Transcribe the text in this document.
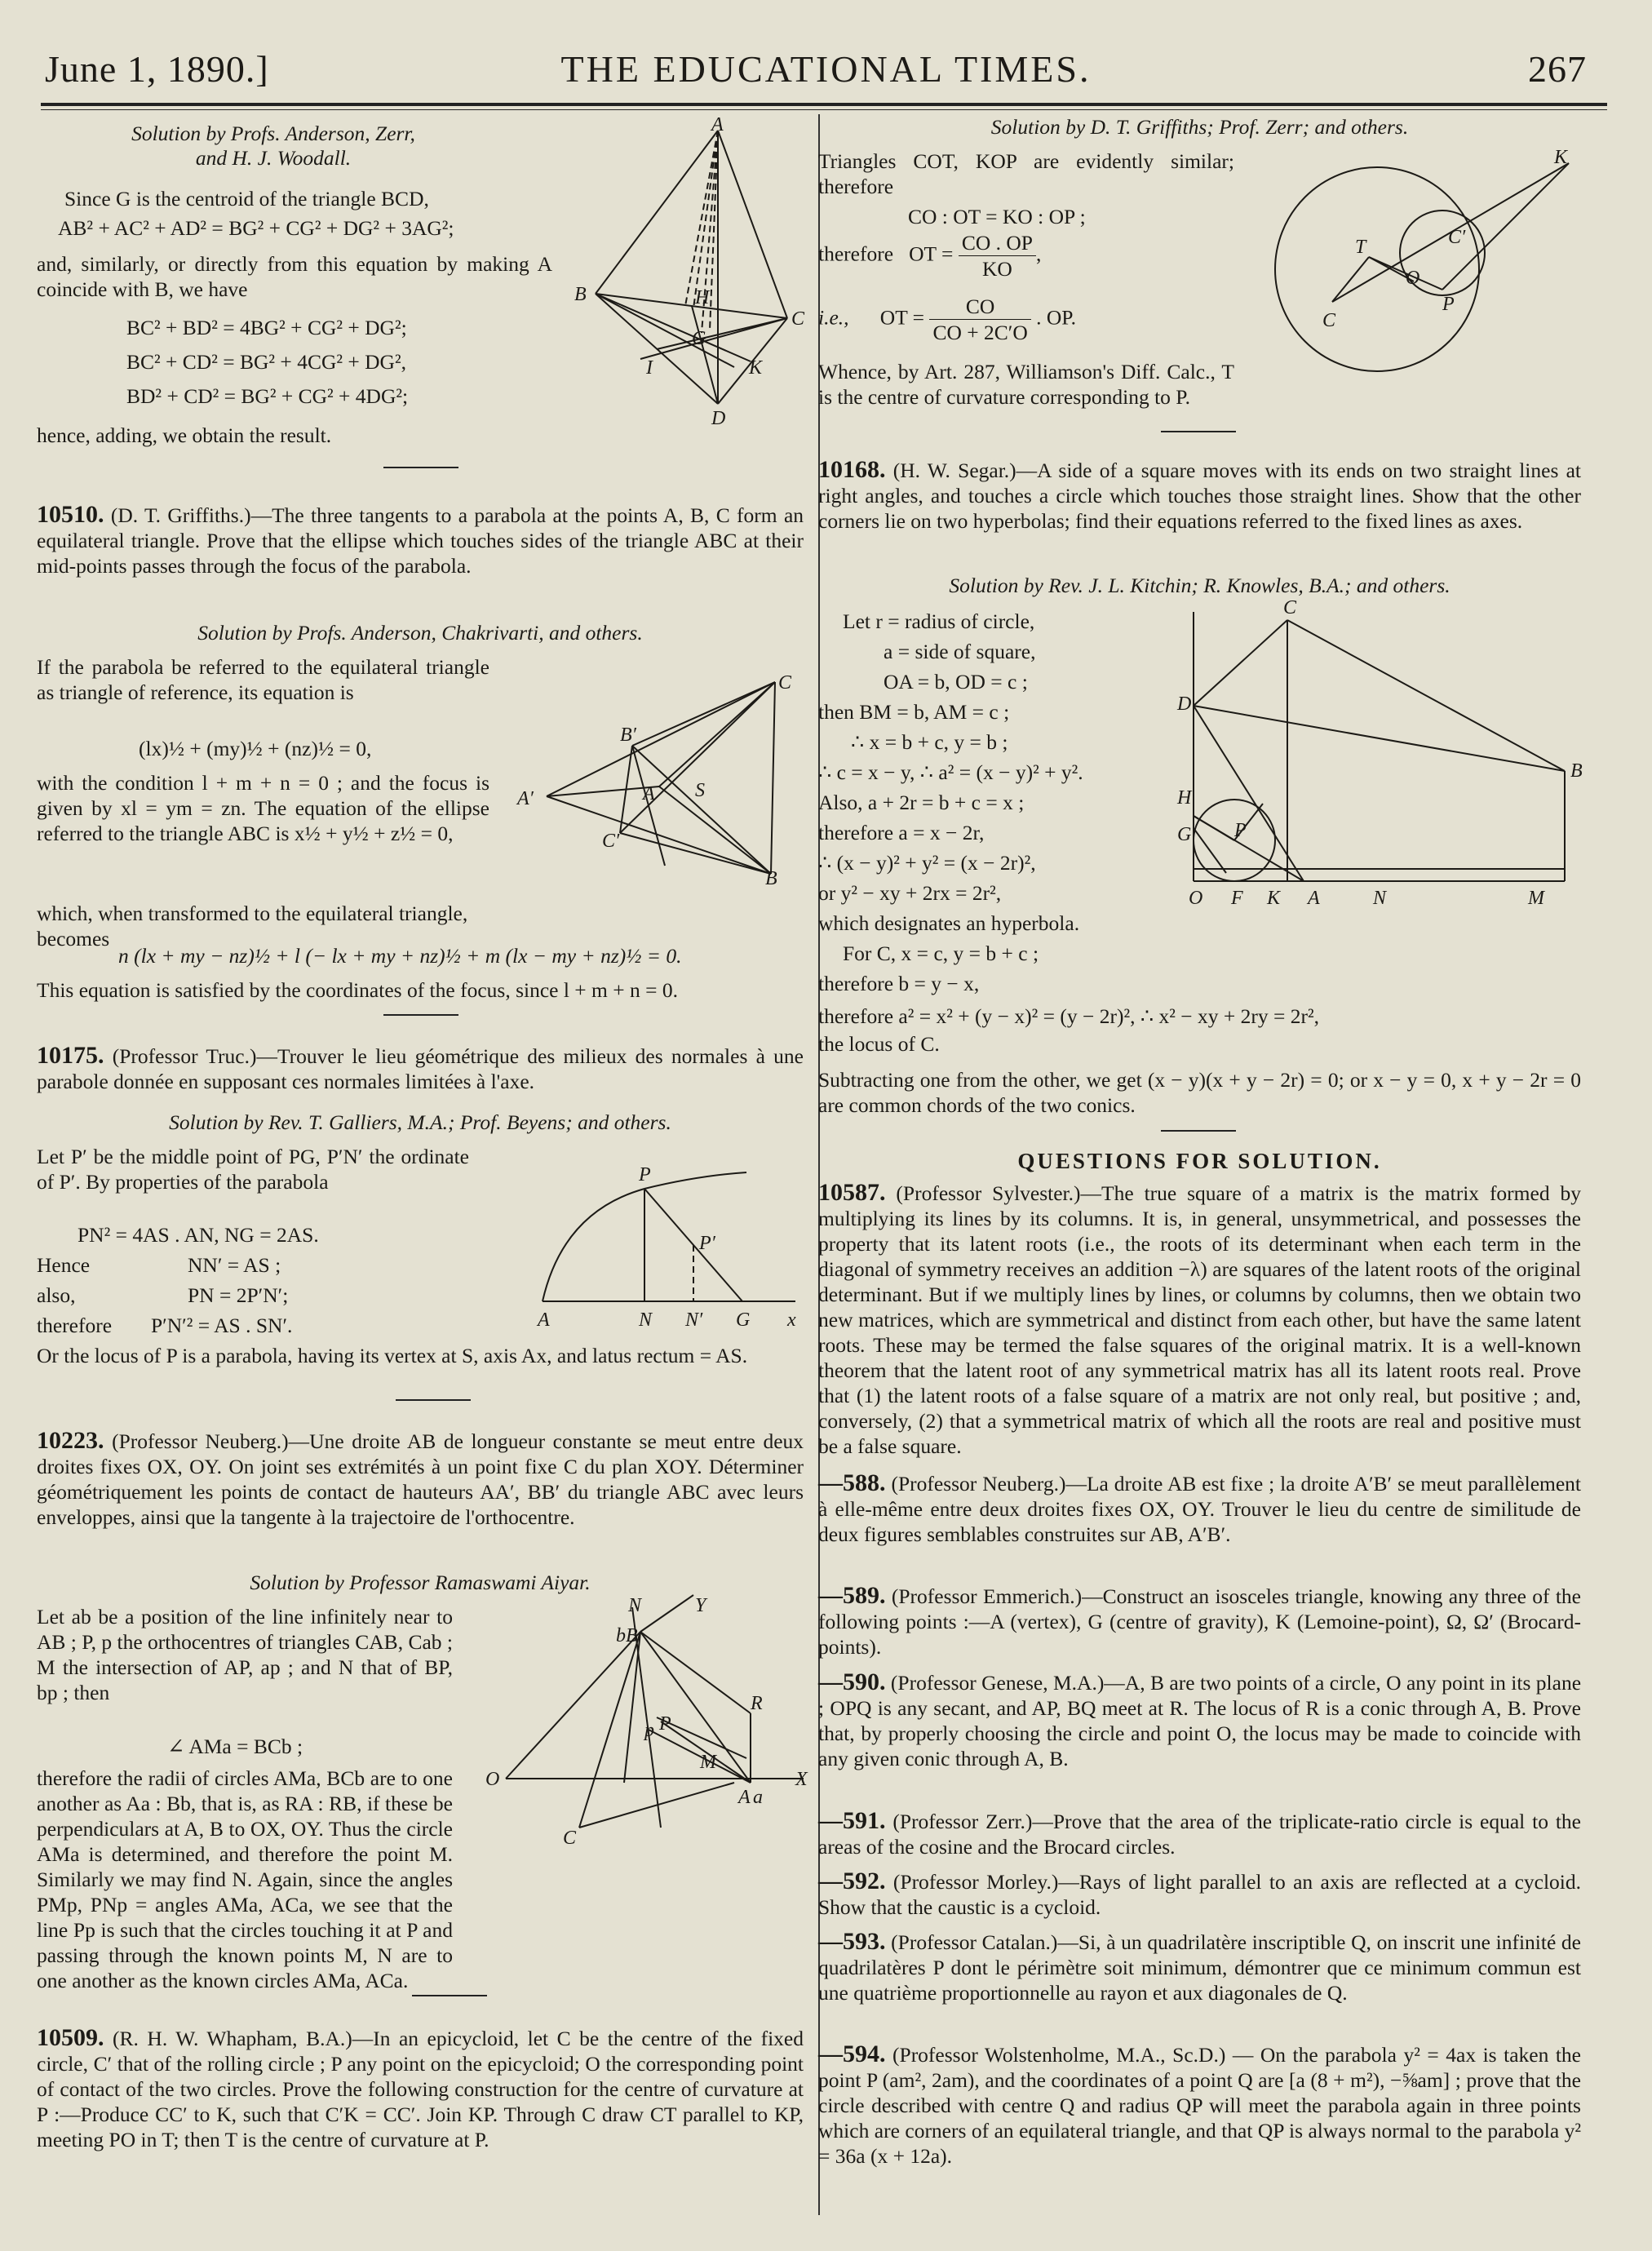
June 1, 1890.]	THE EDUCATIONAL TIMES.	267
Solution by Profs. Anderson, Zerr,
and H. J. Woodall.
Since G is the centroid of the triangle BCD,
AB² + AC² + AD² = BG² + CG² + DG² + 3AG²;
and, similarly, or directly from this equation by making A coincide with B, we have
BC² + BD² = 4BG² + CG² + DG²;
BC² + CD² = BG² + 4CG² + DG²,
BD² + CD² = BG² + CG² + 4DG²;
hence, adding, we obtain the result.
A
B
C
D
H
G
I	K
10510. (D. T. Griffiths.)—The three tangents to a parabola at the points A, B, C form an equilateral triangle. Prove that the ellipse which touches sides of the triangle ABC at their mid-points passes through the focus of the parabola.
Solution by Profs. Anderson, Chakrivarti, and others.
If the parabola be referred to the equilateral triangle as triangle of reference, its equation is
(lx)½ + (my)½ + (nz)½ = 0,
with the condition l + m + n = 0 ; and the focus is given by xl = ym = zn. The equation of the ellipse referred to the triangle ABC is x½ + y½ + z½ = 0,
which, when transformed to the equilateral triangle, becomes
n (lx + my − nz)½ + l (− lx + my + nz)½ + m (lx − my + nz)½ = 0.
This equation is satisfied by the coordinates of the focus, since l + m + n = 0.
C
B′
A′	A S
C′
B
10175. (Professor Truc.)—Trouver le lieu géométrique des milieux des normales à une parabole donnée en supposant ces normales limitées à l'axe.
Solution by Rev. T. Galliers, M.A.; Prof. Beyens; and others.
Let P′ be the middle point of PG, P′N′ the ordinate of P′. By properties of the parabola
PN² = 4AS . AN, NG = 2AS.
Hence	NN′ = AS ;
also,	PN = 2P′N′;
therefore P′N′² = AS . SN′.
Or the locus of P is a parabola, having its vertex at S, axis Ax, and latus rectum = AS.
P
P′
A	N N′ G x
10223. (Professor Neuberg.)—Une droite AB de longueur constante se meut entre deux droites fixes OX, OY. On joint ses extrémités à un point fixe C du plan XOY. Déterminer géométriquement les points de contact de hauteurs AA′, BB′ du triangle ABC avec leurs enveloppes, ainsi que la tangente à la trajectoire de l'orthocentre.
Solution by Professor Ramaswami Aiyar.
Let ab be a position of the line infinitely near to AB ; P, p the orthocentres of triangles CAB, Cab ; M the intersection of AP, ap ; and N that of BP, bp ; then
∠ AMa = BCb ;
therefore the radii of circles AMa, BCb are to one another as Aa : Bb, that is, as RA : RB, if these be perpendiculars at A, B to OX, OY. Thus the circle AMa is determined, and therefore the point M. Similarly we may find N. Again, since the angles PMp, PNp = angles AMa, ACa, we see that the line Pp is such that the circles touching it at P and passing through the known points M, N are to one another as the known circles AMa, ACa.
N	Y
bB
p P
R
M
O
C
A a
X
10509. (R. H. W. Whapham, B.A.)—In an epicycloid, let C be the centre of the fixed circle, C′ that of the rolling circle ; P any point on the epicycloid; O the corresponding point of contact of the two circles. Prove the following construction for the centre of curvature at P :—Produce CC′ to K, such that C′K = CC′. Join KP. Through C draw CT parallel to KP, meeting PO in T; then T is the centre of curvature at P.
Solution by D. T. Griffiths; Prof. Zerr; and others.
Triangles COT, KOP are evidently similar; therefore
CO : OT = KO : OP ;
therefore OT = $\frac{CO . OP}{KO}$ ,
i.e., OT = $\frac{CO}{CO + 2C'O}$ . OP.
Whence, by Art. 287, Williamson's Diff. Calc., T is the centre of curvature corresponding to P.
K
C′
T
O
P
C
10168. (H. W. Segar.)—A side of a square moves with its ends on two straight lines at right angles, and touches a circle which touches those straight lines. Show that the other corners lie on two hyperbolas; find their equations referred to the fixed lines as axes.
Solution by Rev. J. L. Kitchin; R. Knowles, B.A.; and others.
Let r = radius of circle,
a = side of square,
OA = b, OD = c ;
then BM = b, AM = c ;
∴ x = b + c, y = b ;
∴ c = x − y, ∴ a² = (x − y)² + y².
Also, a + 2r = b + c = x ;
therefore a = x − 2r,
∴ (x − y)² + y² = (x − 2r)²,
or y² − xy + 2rx = 2r²,
which designates an hyperbola.
For C, x = c, y = b + c ;
therefore b = y − x,
therefore a² = x² + (y − x)² = (y − 2r)², ∴ x² − xy + 2ry = 2r²,
the locus of C.
Subtracting one from the other, we get (x − y)(x + y − 2r) = 0; or x − y = 0, x + y − 2r = 0 are common chords of the two conics.
C
D
B
H
G P
O F K A	N	M
QUESTIONS FOR SOLUTION.
10587. (Professor Sylvester.)—The true square of a matrix is the matrix formed by multiplying its lines by its columns. It is, in general, unsymmetrical, and possesses the property that its latent roots (i.e., the roots of its determinant when each term in the diagonal of symmetry receives an addition −λ) are squares of the latent roots of the original determinant. But if we multiply lines by lines, or columns by columns, then we obtain two new matrices, which are symmetrical and distinct from each other, but have the same latent roots. These may be termed the false squares of the original matrix. It is a well-known theorem that the latent root of any symmetrical matrix has all its latent roots real. Prove that (1) the latent roots of a false square of a matrix are not only real, but positive ; and, conversely, (2) that a symmetrical matrix of which all the roots are real and positive must be a false square.
—588. (Professor Neuberg.)—La droite AB est fixe ; la droite A′B′ se meut parallèlement à elle-même entre deux droites fixes OX, OY. Trouver le lieu du centre de similitude de deux figures semblables construites sur AB, A′B′.
—589. (Professor Emmerich.)—Construct an isosceles triangle, knowing any three of the following points :—A (vertex), G (centre of gravity), K (Lemoine-point), Ω, Ω′ (Brocard-points).
—590. (Professor Genese, M.A.)—A, B are two points of a circle, O any point in its plane ; OPQ is any secant, and AP, BQ meet at R. The locus of R is a conic through A, B. Prove that, by properly choosing the circle and point O, the locus may be made to coincide with any given conic through A, B.
—591. (Professor Zerr.)—Prove that the area of the triplicate-ratio circle is equal to the areas of the cosine and the Brocard circles.
—592. (Professor Morley.)—Rays of light parallel to an axis are reflected at a cycloid. Show that the caustic is a cycloid.
—593. (Professor Catalan.)—Si, à un quadrilatère inscriptible Q, on inscrit une infinité de quadrilatères P dont le périmètre soit minimum, démontrer que ce minimum commun est une quatrième proportionnelle au rayon et aux diagonales de Q.
—594. (Professor Wolstenholme, M.A., Sc.D.) — On the parabola y² = 4ax is taken the point P (am², 2am), and the coordinates of a point Q are [a (8 + m²), −⅝am] ; prove that the circle described with centre Q and radius QP will meet the parabola again in three points which are corners of an equilateral triangle, and that QP is always normal to the parabola y² = 36a (x + 12a).
